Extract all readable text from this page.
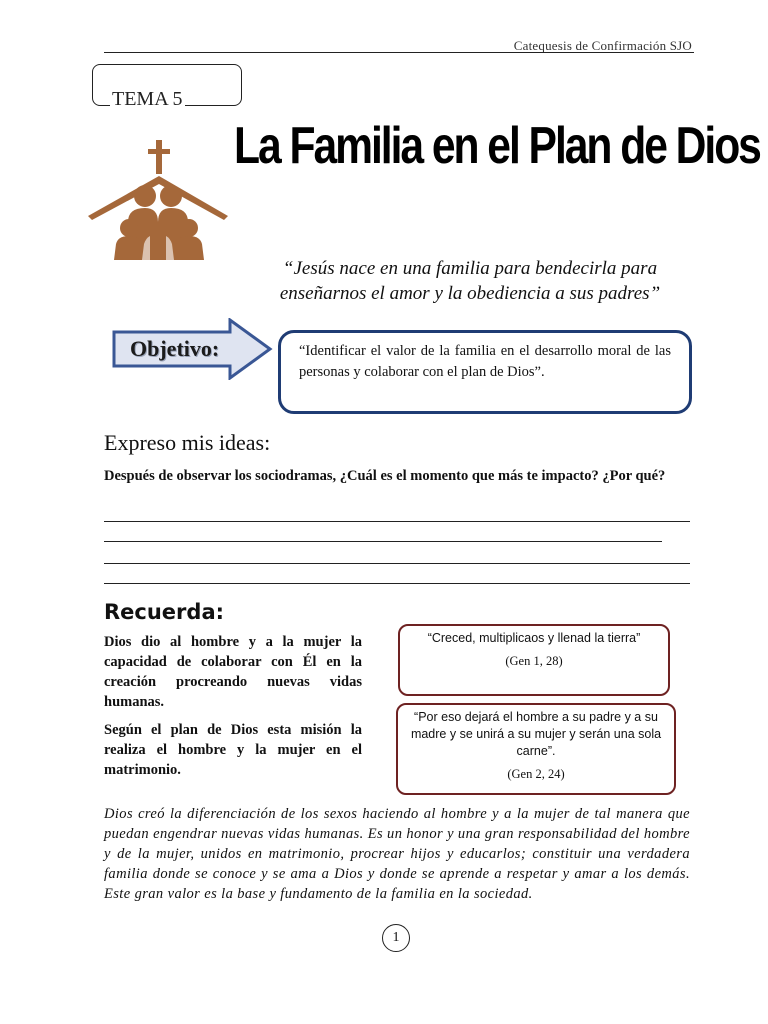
Catequesis de Confirmación SJO
TEMA 5
La Familia en el Plan de Dios
“Jesús nace en una familia para bendecirla para enseñarnos el amor y la obediencia a sus padres”
Objetivo:	“Identificar el valor de la familia en el desarrollo moral de las personas y colaborar con el plan de Dios”.
Expreso mis ideas:
Después de observar los sociodramas, ¿Cuál es el momento que más te impacto? ¿Por qué?
Recuerda:
Dios dio al hombre y a la mujer la capacidad de colaborar con Él en la creación procreando nuevas vidas humanas.
Según el plan de Dios esta misión la realiza el hombre y la mujer en el matrimonio.
“Creced, multiplicaos y llenad la tierra”
(Gen 1, 28)
“Por eso dejará el hombre a su padre y a su madre y se unirá a su mujer y serán una sola carne”.
(Gen 2, 24)
Dios creó la diferenciación de los sexos haciendo al hombre y a la mujer de tal manera que puedan engendrar nuevas vidas humanas. Es un honor y una gran responsabilidad del hombre y de la mujer, unidos en matrimonio, procrear hijos y educarlos; constituir una verdadera familia donde se conoce y se ama a Dios y donde se aprende a respetar y amar a los demás. Este gran valor es la base y fundamento de la familia en la sociedad.
1
